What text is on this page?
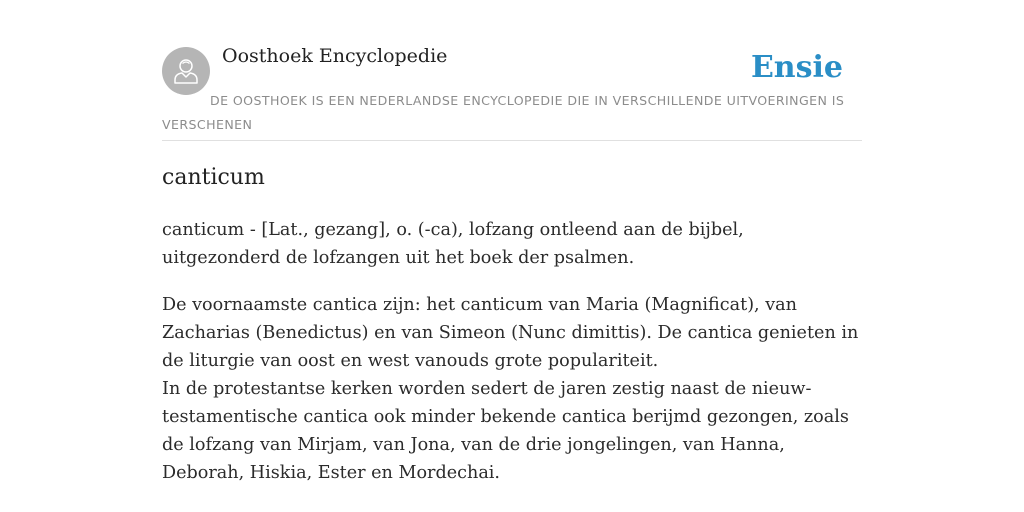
Oosthoek Encyclopedie	Ensie
DE OOSTHOEK IS EEN NEDERLANDSE ENCYCLOPEDIE DIE IN VERSCHILLENDE UITVOERINGEN IS VERSCHENEN
canticum

canticum - [Lat., gezang], o. (-ca), lofzang ontleend aan de bijbel, uitgezonderd de lofzangen uit het boek der psalmen.

De voornaamste cantica zijn: het canticum van Maria (Magnificat), van Zacharias (Benedictus) en van Simeon (Nunc dimittis). De cantica genieten in de liturgie van oost en west vanouds grote populariteit.
In de protestantse kerken worden sedert de jaren zestig naast de nieuw-testamentische cantica ook minder bekende cantica berijmd gezongen, zoals de lofzang van Mirjam, van Jona, van de drie jongelingen, van Hanna, Deborah, Hiskia, Ester en Mordechai.
